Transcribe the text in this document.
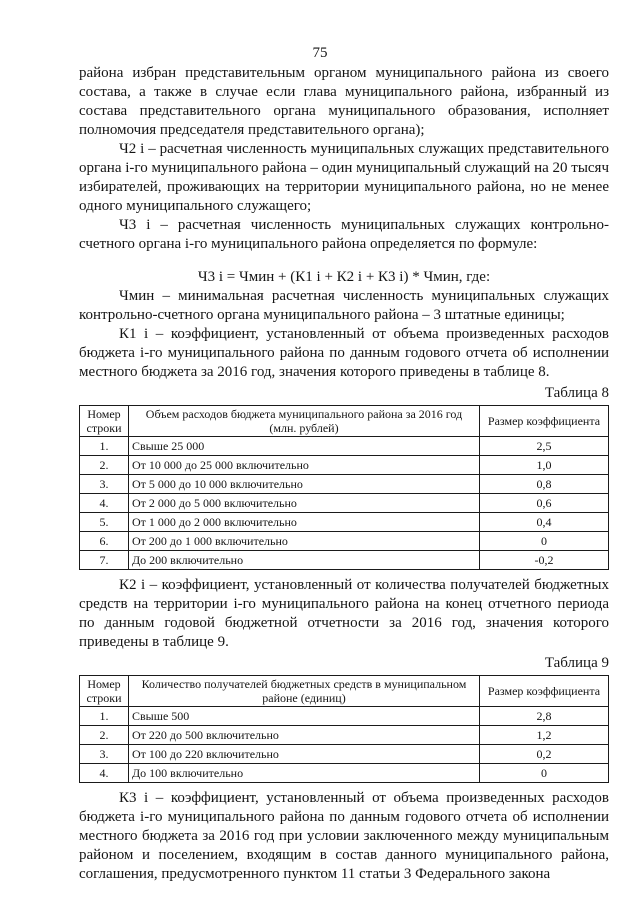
75

района избран представительным органом муниципального района из своего состава, а также в случае если глава муниципального района, избранный из состава представительного органа муниципального образования, исполняет полномочия председателя представительного органа);

Ч2 i – расчетная численность муниципальных служащих представительного органа i-го муниципального района – один муниципальный служащий на 20 тысяч избирателей, проживающих на территории муниципального района, но не менее одного муниципального служащего;

Ч3 i – расчетная численность муниципальных служащих контрольно-счетного органа i-го муниципального района определяется по формуле:

Ч3 i = Чмин + (К1 i + К2 i + К3 i) * Чмин, где:

Чмин – минимальная расчетная численность муниципальных служащих контрольно-счетного органа муниципального района – 3 штатные единицы;

К1 i – коэффициент, установленный от объема произведенных расходов бюджета i-го муниципального района по данным годового отчета об исполнении местного бюджета за 2016 год, значения которого приведены в таблице 8.

Таблица 8
Номер строки	Объем расходов бюджета муниципального района за 2016 год (млн. рублей)	Размер коэффициента
1.	Свыше 25 000	2,5
2.	От 10 000 до 25 000 включительно	1,0
3.	От 5 000 до 10 000 включительно	0,8
4.	От 2 000 до 5 000 включительно	0,6
5.	От 1 000 до 2 000 включительно	0,4
6.	От 200 до 1 000 включительно	0
7.	До 200 включительно	-0,2

К2 i – коэффициент, установленный от количества получателей бюджетных средств на территории i-го муниципального района на конец отчетного периода по данным годовой бюджетной отчетности за 2016 год, значения которого приведены в таблице 9.

Таблица 9
Номер строки	Количество получателей бюджетных средств в муниципальном районе (единиц)	Размер коэффициента
1.	Свыше 500	2,8
2.	От 220 до 500 включительно	1,2
3.	От 100 до 220 включительно	0,2
4.	До 100 включительно	0

К3 i – коэффициент, установленный от объема произведенных расходов бюджета i-го муниципального района по данным годового отчета об исполнении местного бюджета за 2016 год при условии заключенного между муниципальным районом и поселением, входящим в состав данного муниципального района, соглашения, предусмотренного пунктом 11 статьи 3 Федерального закона
